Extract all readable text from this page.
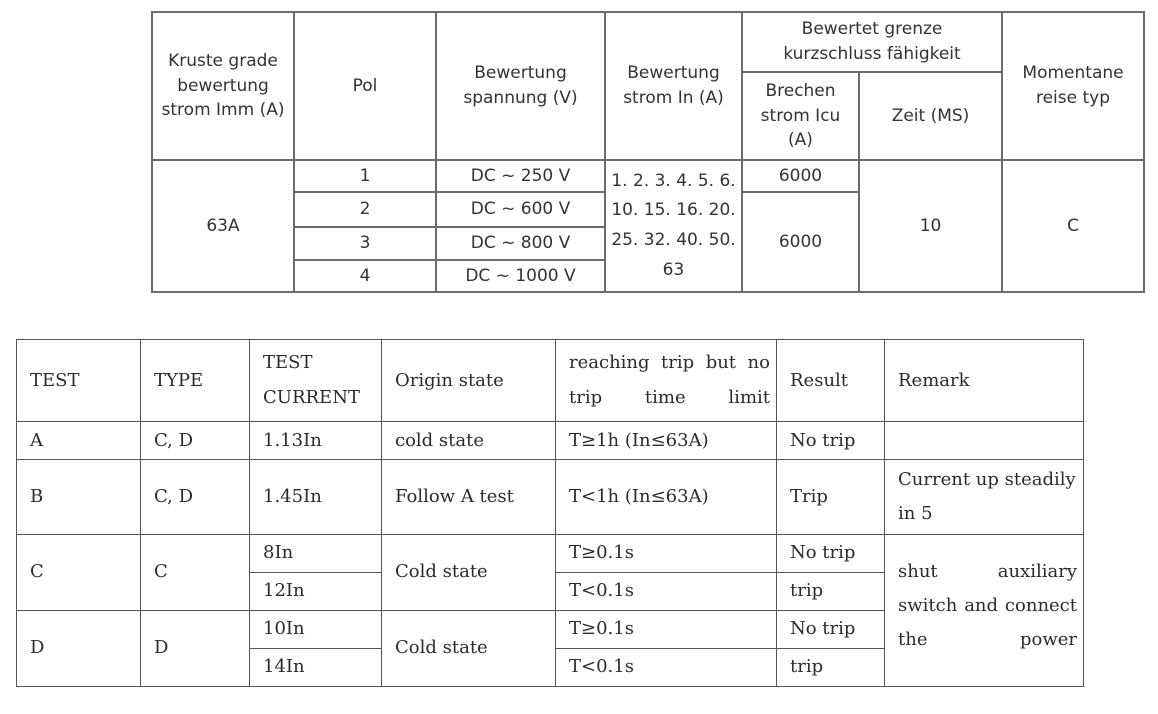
Kruste grade bewertung strom Imm (A)	Pol	Bewertung spannung (V)	Bewertung strom In (A)	Bewertet grenze kurzschluss fähigkeit		Momentane reise typ
				Brechen strom Icu (A)	Zeit (MS)	
63A	1	DC ~ 250 V	1. 2. 3. 4. 5. 6. 10. 15. 16. 20. 25. 32. 40. 50. 63	6000	10	C
	2	DC ~ 600 V		6000		
	3	DC ~ 800 V				
	4	DC ~ 1000 V				
TEST	TYPE	TEST CURRENT	Origin state	reaching trip but no trip time limit	Result	Remark
A	C, D	1.13In	cold state	T≥1h (In≤63A)	No trip	
B	C, D	1.45In	Follow A test	T<1h (In≤63A)	Trip	Current up steadily in 5
C	C	8In	Cold state	T≥0.1s	No trip	shut auxiliary switch and connect the power
		12In		T<0.1s	trip	
D	D	10In	Cold state	T≥0.1s	No trip	
		14In		T<0.1s	trip	
